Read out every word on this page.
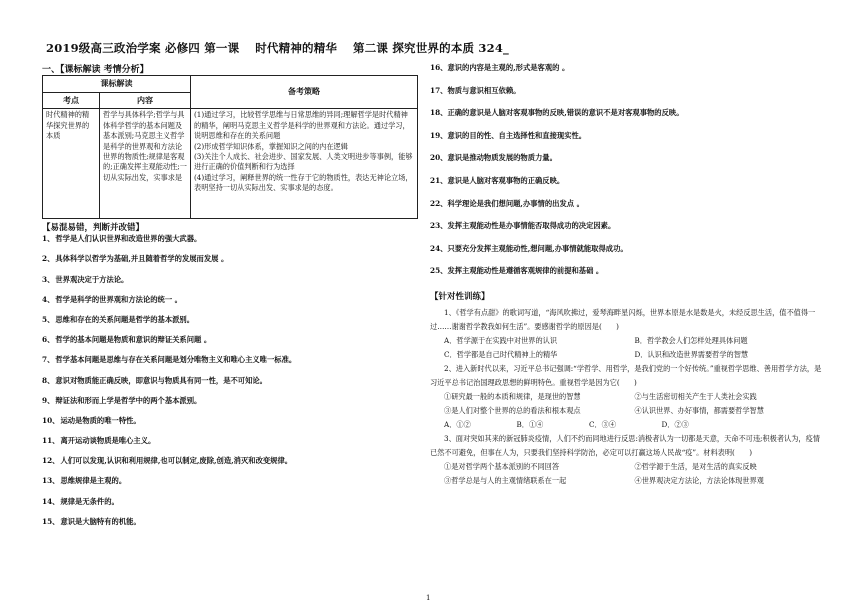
2019级高三政治学案 必修四 第一课　 时代精神的精华　 第二课 探究世界的本质 324_
一、【课标解读 考情分析】
课标解读		备考策略
考点	内容	
时代精神的精华探究世界的本质	哲学与具体科学;哲学与具体科学哲学的基本问题及基本派别;马克思主义哲学是科学的世界观和方法论世界的物质性;规律是客观的;正确发挥主观能动性;一切从实际出发，实事求是	(1)通过学习，比较哲学思维与日常思维的异同;理解哲学是时代精神的精华，阐明马克思主义哲学是科学的世界观和方法论。通过学习，说明思维和存在的关系问题
(2)形成哲学知识体系，掌握知识之间的内在逻辑
(3)关注个人成长、社会进步、国家发展、人类文明进步等事例，能够进行正确的价值判断和行为选择
(4)通过学习，阐释世界的统一性存于它的物质性，表达无神论立场，表明坚持一切从实际出发、实事求是的态度。
【易混易错，判断并改错】
1、哲学是人们认识世界和改造世界的强大武器。
2、具体科学以哲学为基础,并且随着哲学的发展而发展 。
3、世界观决定于方法论。
4、哲学是科学的世界观和方法论的统一 。
5、思维和存在的关系问题是哲学的基本派别。
6、哲学的基本问题是物质和意识的辩证关系问题 。
7、哲学基本问题是思维与存在关系问题是划分唯物主义和唯心主义唯一标准。
8、意识对物质能正确反映，即意识与物质具有同一性，是不可知论。
9、辩证法和形而上学是哲学中的两个基本派别。
10、运动是物质的唯一特性。
11、离开运动谈物质是唯心主义。
12、人们可以发现,认识和利用规律,也可以制定,废除,创造,消灭和改变规律。
13、思维规律是主观的。
14、规律是无条件的。
15、意识是大脑特有的机能。
16、意识的内容是主观的,形式是客观的 。
17、物质与意识相互依赖。
18、正确的意识是人脑对客观事物的反映,错误的意识不是对客观事物的反映。
19、意识的目的性、自主选择性和直接现实性。
20、意识是推动物质发展的物质力量。
21、意识是人脑对客观事物的正确反映。
22、科学理论是我们想问题,办事情的出发点 。
23、发挥主观能动性是办事情能否取得成功的决定因素。
24、只要充分发挥主观能动性,想问题,办事情就能取得成功。
25、发挥主观能动性是遵循客观规律的前提和基础 。
【针对性训练】
1、《哲学有点甜》的歌词写道，“海风吹拂过，爱琴海畔星闪烁，世界本原是水是数是火，未经反思生活，值不值得一过……谢谢哲学教我如何生活”。要感谢哲学的原因是(　　)
A．哲学源于在实践中对世界的认识	B．哲学教会人们怎样处理具体问题
C．哲学都是自己时代精神上的精华	D．认识和改造世界需要哲学的智慧
2、进入新时代以来，习近平总书记强调:“学哲学、用哲学，是我们党的一个好传统。”重视哲学思维、善用哲学方法，是习近平总书记治国理政思想的鲜明特色。重视哲学是因为它(　　)
①研究最一般的本质和规律，是现世的智慧	②与生活密切相关产生于人类社会实践
③是人们对整个世界的总的看法和根本观点	④认识世界、办好事情，都需要哲学智慧
A．①②	B．①④	C．③④	D．②③
3、面对突如其来的新冠肺炎疫情，人们不约而同地进行反思:消极者认为一切都是天意，天命不可违;积极者认为，疫情已然不可避免，但事在人为，只要我们坚持科学防治，必定可以打赢这场人民战“疫”。材料表明(　　)
①是对哲学两个基本派别的不同回答	②哲学源于生活，是对生活的真实反映
③哲学总是与人的主观情绪联系在一起	④世界观决定方法论，方法论体现世界观
1
